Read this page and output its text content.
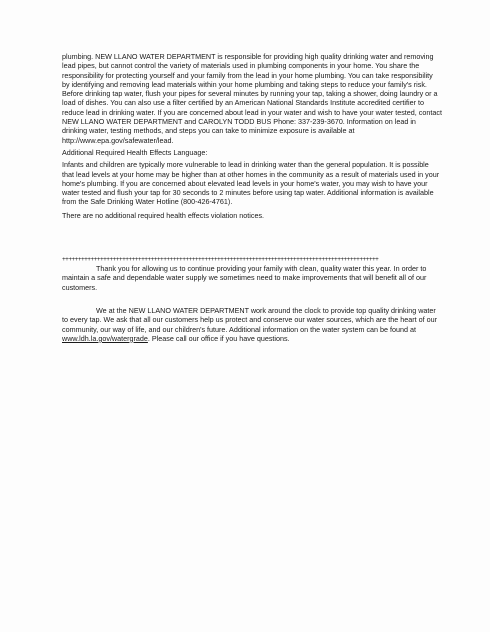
plumbing. NEW LLANO WATER DEPARTMENT is responsible for providing high quality drinking water and removing lead pipes, but cannot control the variety of materials used in plumbing components in your home. You share the responsibility for protecting yourself and your family from the lead in your home plumbing. You can take responsibility by identifying and removing lead materials within your home plumbing and taking steps to reduce your family's risk. Before drinking tap water, flush your pipes for several minutes by running your tap, taking a shower, doing laundry or a load of dishes. You can also use a filter certified by an American National Standards Institute accredited certifier to reduce lead in drinking water. If you are concerned about lead in your water and wish to have your water tested, contact NEW LLANO WATER DEPARTMENT and CAROLYN TODD BUS Phone: 337-239-3670. Information on lead in drinking water, testing methods, and steps you can take to minimize exposure is available at http://www.epa.gov/safewater/lead.

Additional Required Health Effects Language:

Infants and children are typically more vulnerable to lead in drinking water than the general population. It is possible that lead levels at your home may be higher than at other homes in the community as a result of materials used in your home's plumbing. If you are concerned about elevated lead levels in your home's water, you may wish to have your water tested and flush your tap for 30 seconds to 2 minutes before using tap water. Additional information is available from the Safe Drinking Water Hotline (800-426-4761).

There are no additional required health effects violation notices.

++++++++++++++++++++++++++++++++++++++++++++++++++++++++++++++++++++++++++++++++++++++++++++++++++++

Thank you for allowing us to continue providing your family with clean, quality water this year. In order to maintain a safe and dependable water supply we sometimes need to make improvements that will benefit all of our customers.

We at the NEW LLANO WATER DEPARTMENT work around the clock to provide top quality drinking water to every tap. We ask that all our customers help us protect and conserve our water sources, which are the heart of our community, our way of life, and our children's future. Additional information on the water system can be found at www.ldh.la.gov/watergrade. Please call our office if you have questions.
